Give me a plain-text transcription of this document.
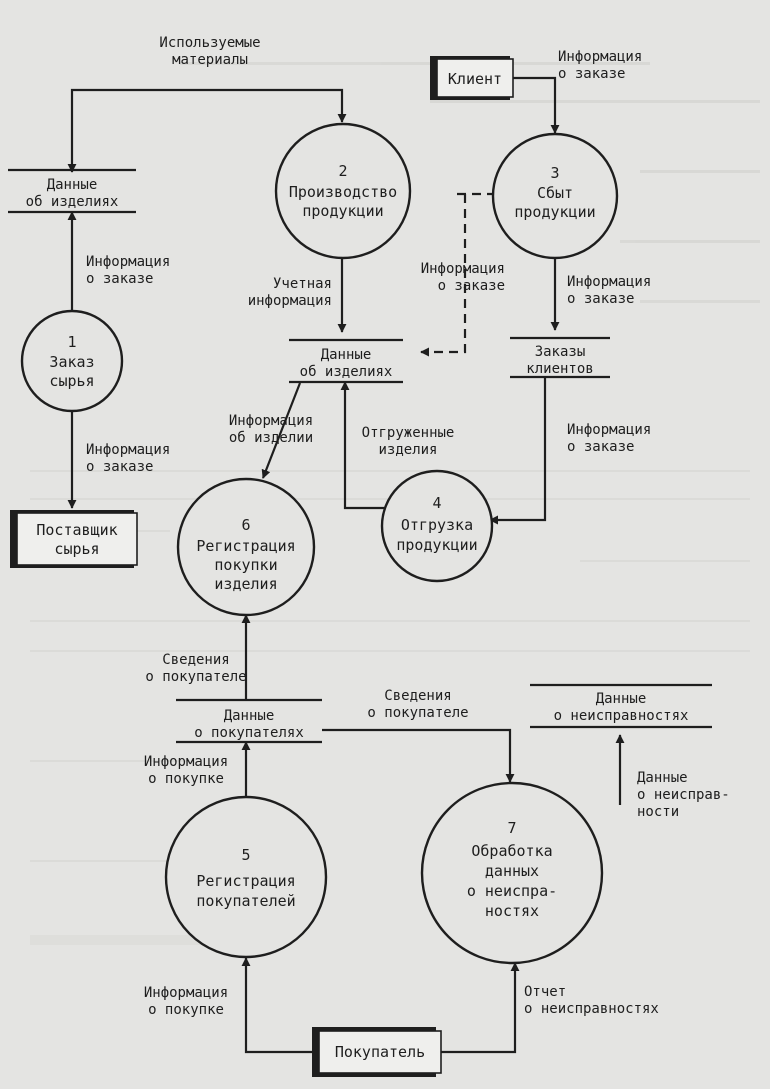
Данные
об изделиях
Данные
об изделиях
Заказы
клиентов
Данные
о покупателях
Данные
о неисправностях
Клиент
Поставщик
сырья
Покупатель
1
Заказ
сырья
2
Производство
продукции
3
Сбыт
продукции
4
Отгрузка
продукции
5
Регистрация
покупателей
6
Регистрация
покупки
изделия
7
Обработка
данных
о неиспрa-
ностях
Используемые
материалы	Информация
о заказе
Информация
о заказе
Информация
о заказе
Учетная
информация
Информация
о заказе	Информация
о заказе
Информация
об изделии	Отгруженные
изделия
Информация
о заказе
Сведения
о покупателе
Сведения
о покупателе
Информация
о покупке	Данные
о неисправ-
ности
Информация
о покупке
Отчет
о неисправностях
